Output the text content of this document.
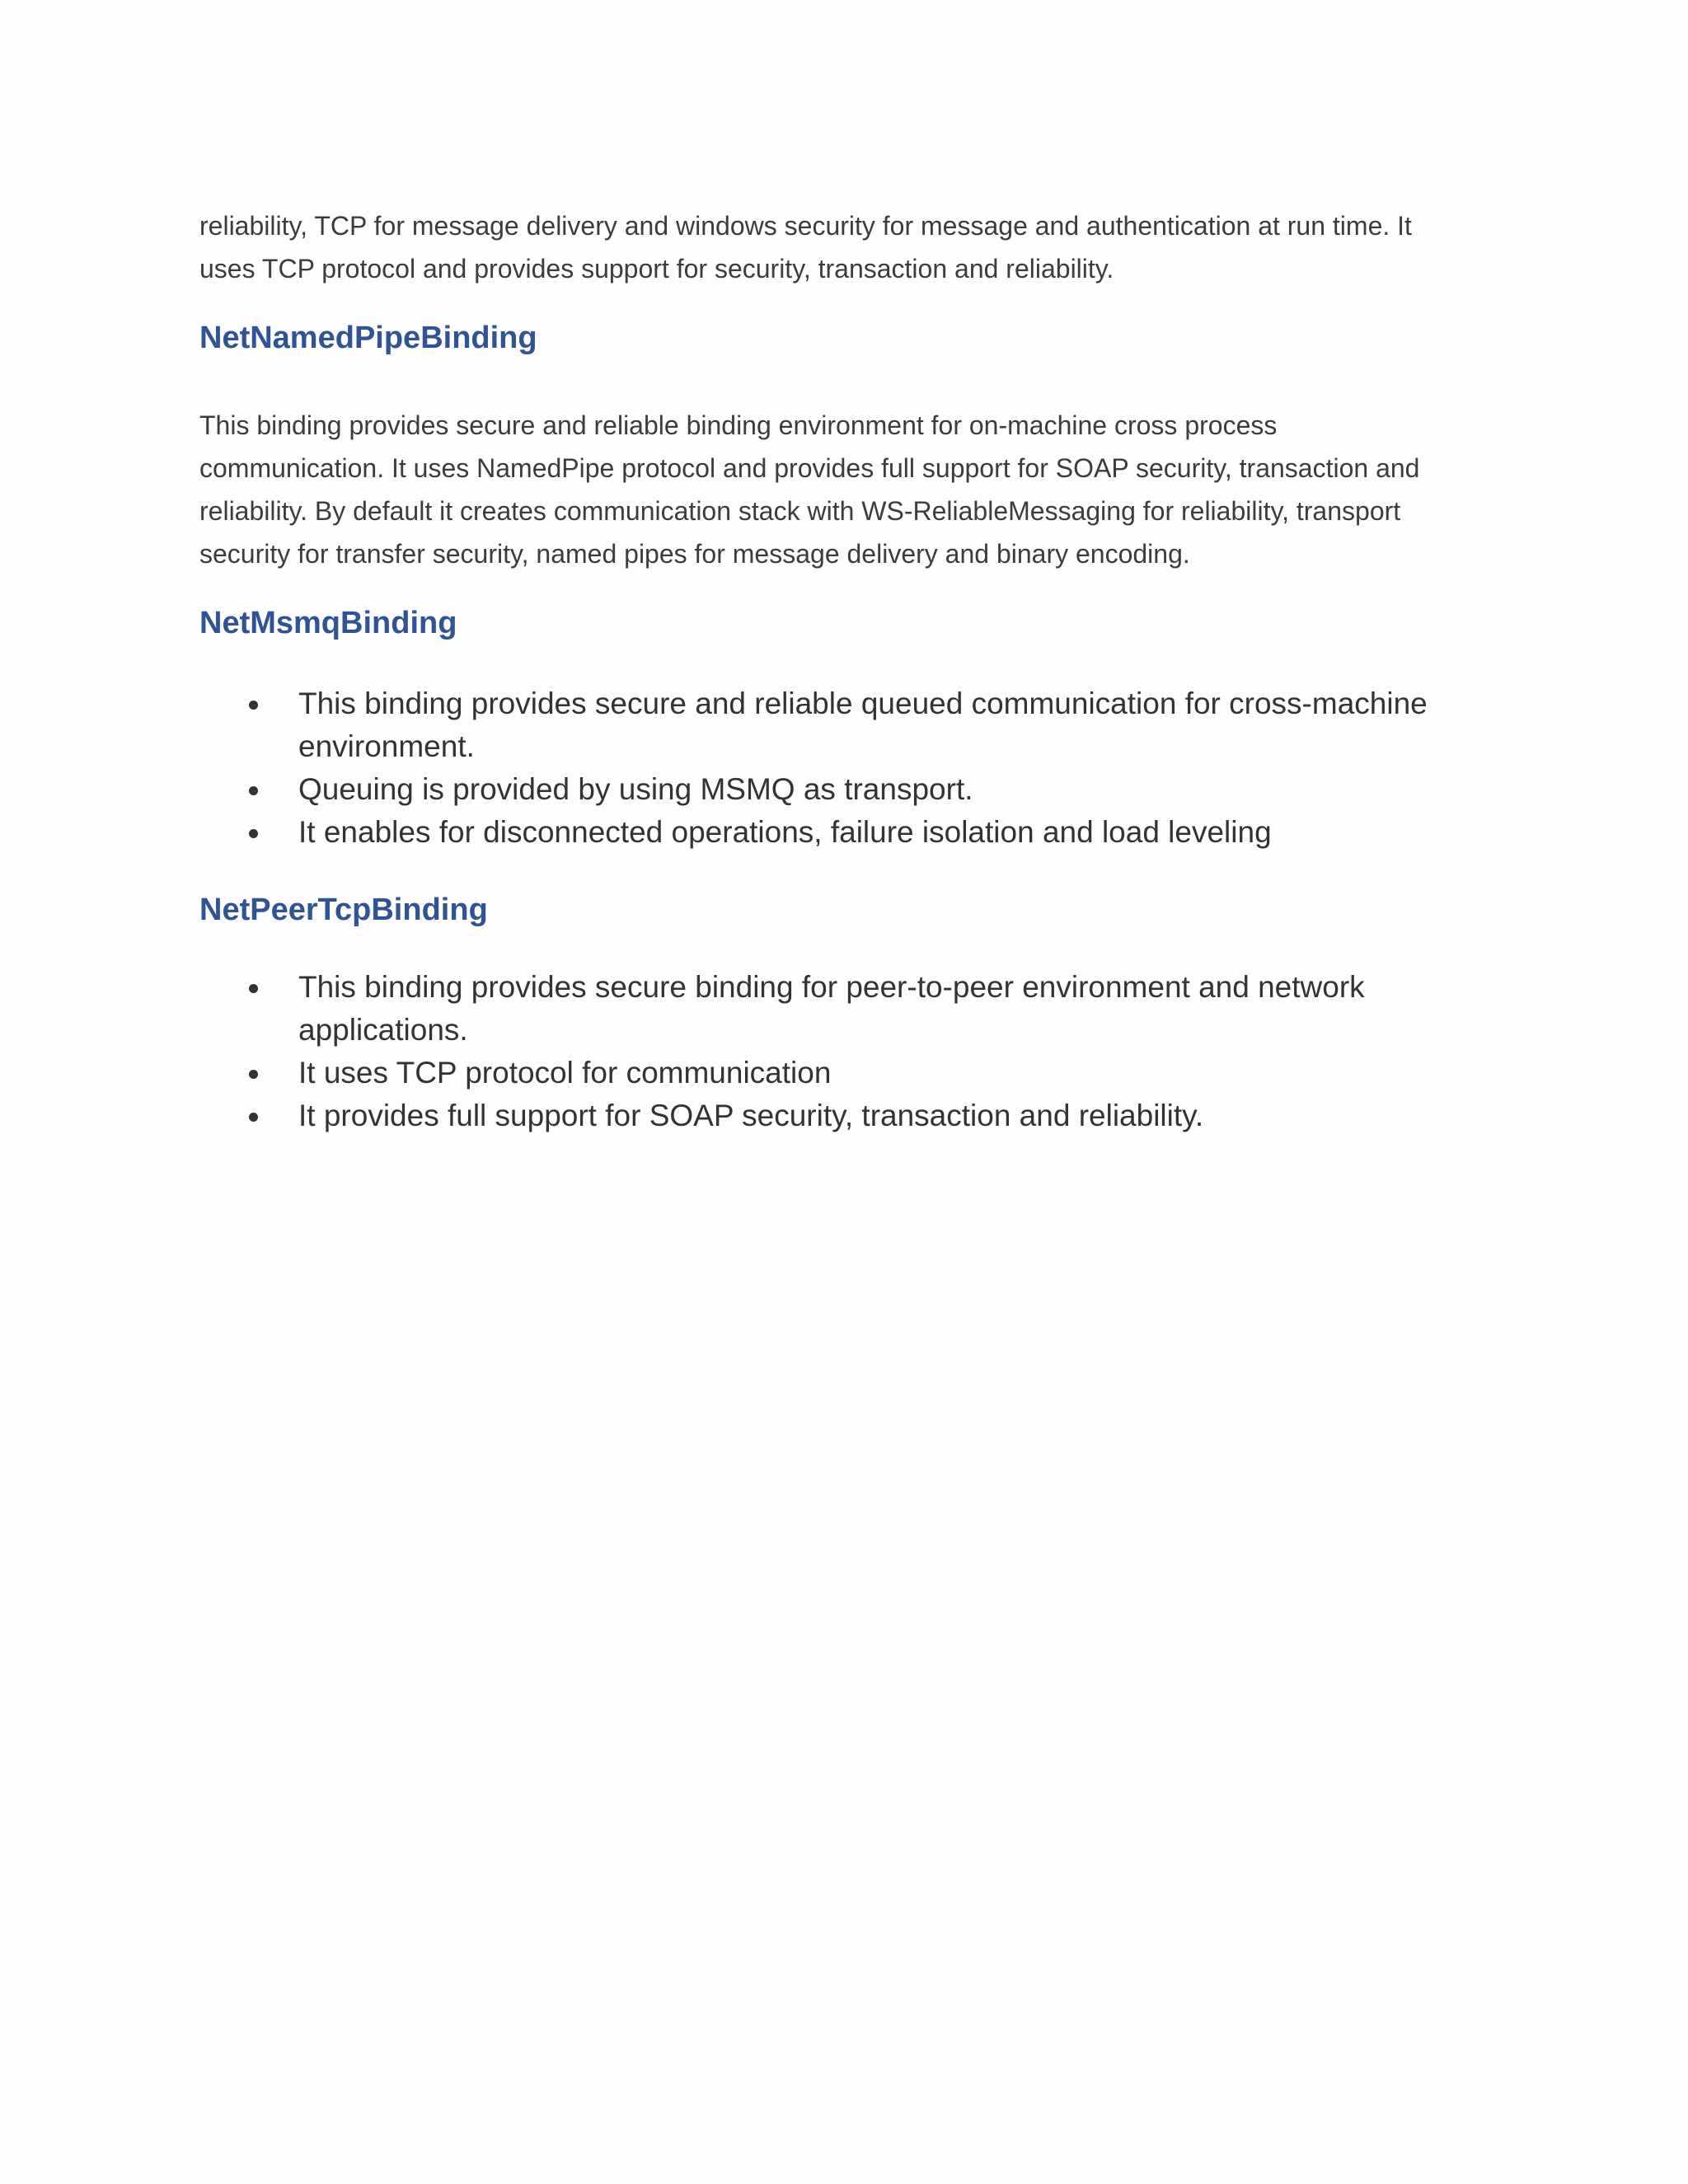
reliability, TCP for message delivery and windows security for message and authentication at run time. It
uses TCP protocol and provides support for security, transaction and reliability.

NetNamedPipeBinding

This binding provides secure and reliable binding environment for on-machine cross process
communication. It uses NamedPipe protocol and provides full support for SOAP security, transaction and
reliability. By default it creates communication stack with WS-ReliableMessaging for reliability, transport
security for transfer security, named pipes for message delivery and binary encoding.

NetMsmqBinding
This binding provides secure and reliable queued communication for cross-machine environment.
Queuing is provided by using MSMQ as transport.
It enables for disconnected operations, failure isolation and load leveling
NetPeerTcpBinding
This binding provides secure binding for peer-to-peer environment and network applications.
It uses TCP protocol for communication
It provides full support for SOAP security, transaction and reliability.
